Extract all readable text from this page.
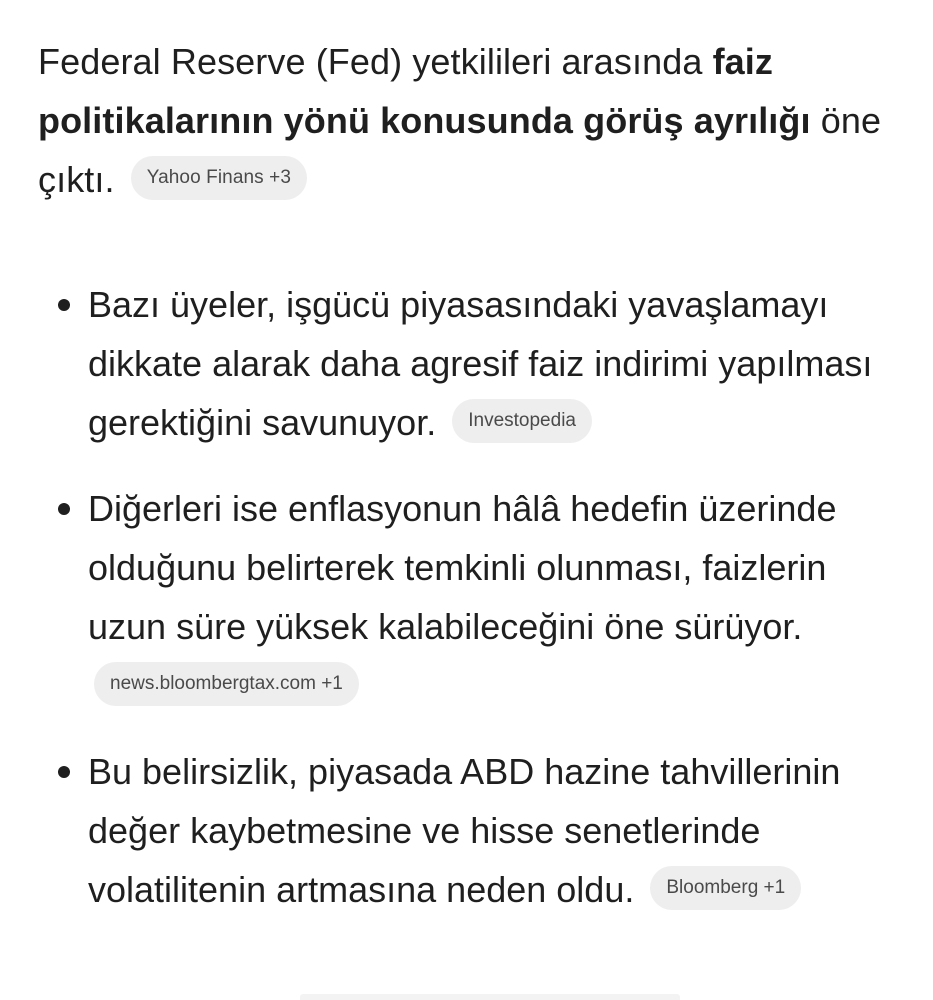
Federal Reserve (Fed) yetkilileri arasında faiz politikalarının yönü konusunda görüş ayrılığı öne çıktı. Yahoo Finans +3

Bazı üyeler, işgücü piyasasındaki yavaşlamayı dikkate alarak daha agresif faiz indirimi yapılması gerektiğini savunuyor. Investopedia
Diğerleri ise enflasyonun hâlâ hedefin üzerinde olduğunu belirterek temkinli olunması, faizlerin uzun süre yüksek kalabileceğini öne sürüyor. news.bloombergtax.com +1
Bu belirsizlik, piyasada ABD hazine tahvillerinin değer kaybetmesine ve hisse senetlerinde volatilitenin artmasına neden oldu. Bloomberg +1
